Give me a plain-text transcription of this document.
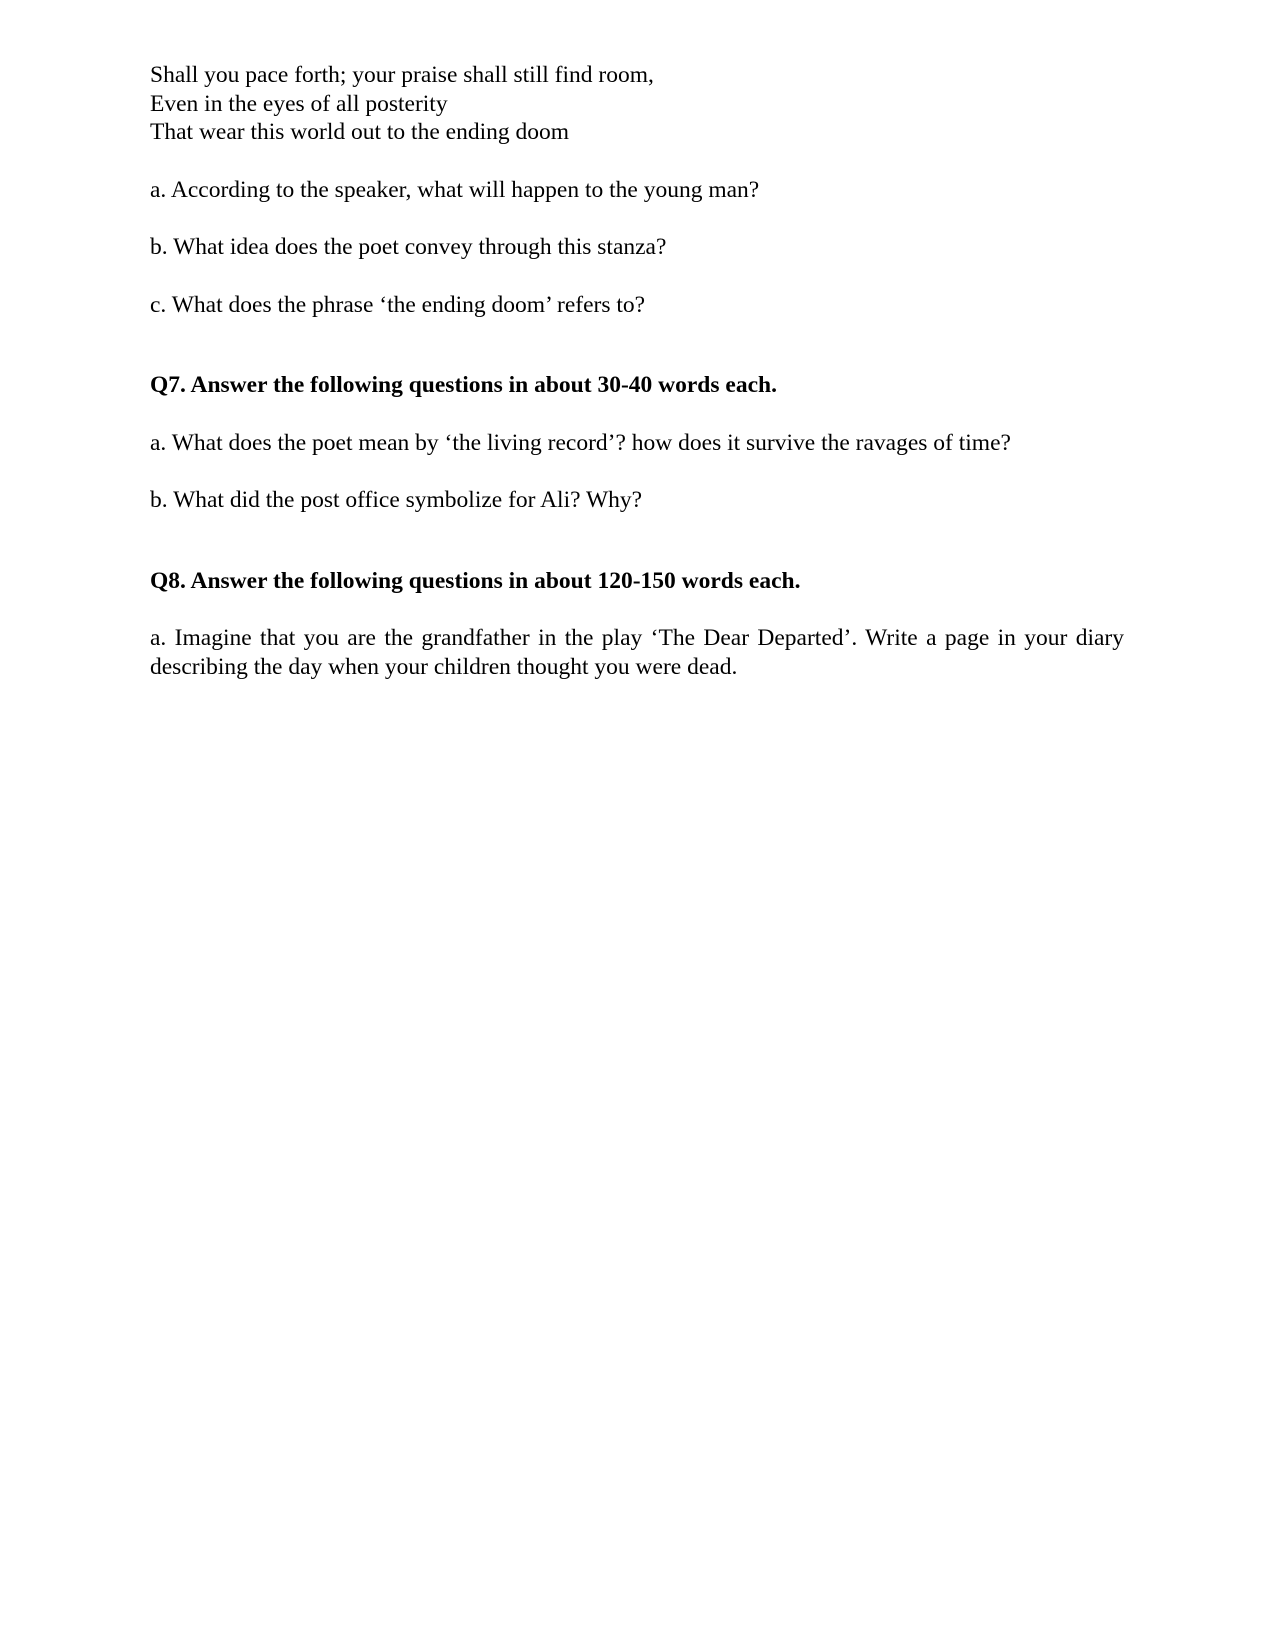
Shall you pace forth; your praise shall still find room,
Even in the eyes of all posterity
That wear this world out to the ending doom
a. According to the speaker, what will happen to the young man?
b. What idea does the poet convey through this stanza?
c. What does the phrase ‘the ending doom’ refers to?
Q7. Answer the following questions in about 30-40 words each.
a. What does the poet mean by ‘the living record’? how does it survive the ravages of time?
b. What did the post office symbolize for Ali? Why?
Q8. Answer the following questions in about 120-150 words each.
a. Imagine that you are the grandfather in the play ‘The Dear Departed’. Write a page in your diary describing the day when your children thought you were dead.
